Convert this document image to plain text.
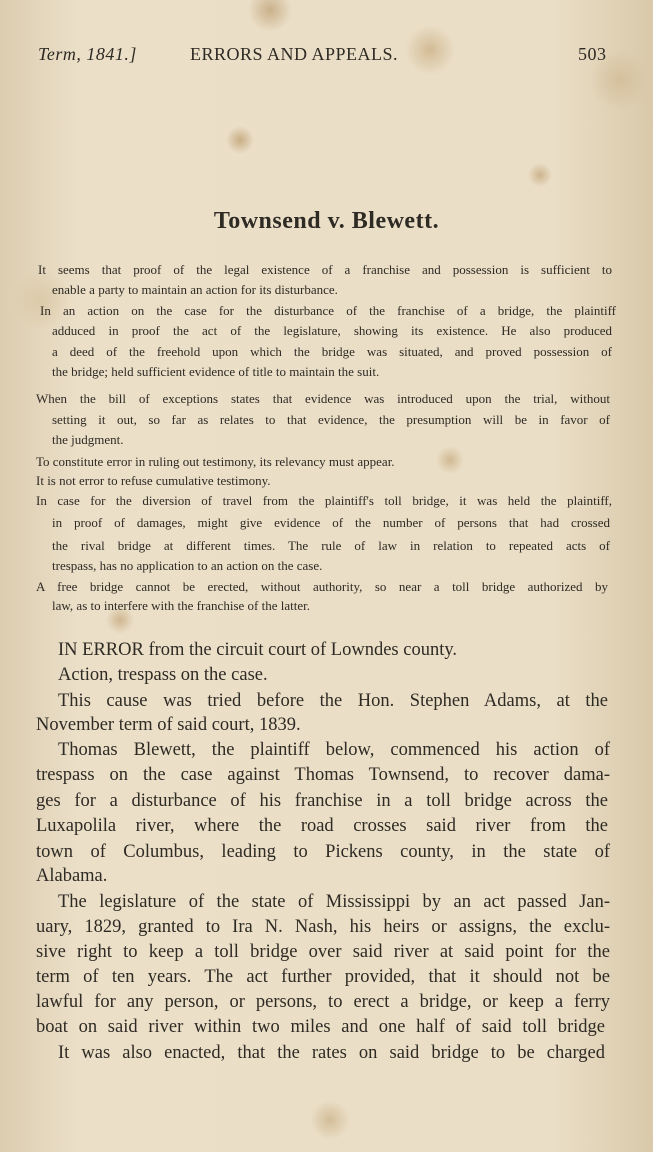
Term, 1841.]	ERRORS AND APPEALS.	503
Townsend v. Blewett.
It seems that proof of the legal existence of a franchise and possession is sufficient to
enable a party to maintain an action for its disturbance.
In an action on the case for the disturbance of the franchise of a bridge, the plaintiff
adduced in proof the act of the legislature, showing its existence. He also produced
a deed of the freehold upon which the bridge was situated, and proved possession of
the bridge; held sufficient evidence of title to maintain the suit.
When the bill of exceptions states that evidence was introduced upon the trial, without
setting it out, so far as relates to that evidence, the presumption will be in favor of
the judgment.
To constitute error in ruling out testimony, its relevancy must appear.
It is not error to refuse cumulative testimony.
In case for the diversion of travel from the plaintiff's toll bridge, it was held the plaintiff,
in proof of damages, might give evidence of the number of persons that had crossed
the rival bridge at different times. The rule of law in relation to repeated acts of
trespass, has no application to an action on the case.
A free bridge cannot be erected, without authority, so near a toll bridge authorized by
law, as to interfere with the franchise of the latter.
IN ERROR from the circuit court of Lowndes county.
Action, trespass on the case.
This cause was tried before the Hon. Stephen Adams, at the
November term of said court, 1839.
Thomas Blewett, the plaintiff below, commenced his action of
trespass on the case against Thomas Townsend, to recover dama-
ges for a disturbance of his franchise in a toll bridge across the
Luxapolila river, where the road crosses said river from the
town of Columbus, leading to Pickens county, in the state of
Alabama.
The legislature of the state of Mississippi by an act passed Jan-
uary, 1829, granted to Ira N. Nash, his heirs or assigns, the exclu-
sive right to keep a toll bridge over said river at said point for the
term of ten years. The act further provided, that it should not be
lawful for any person, or persons, to erect a bridge, or keep a ferry
boat on said river within two miles and one half of said toll bridge
It was also enacted, that the rates on said bridge to be charged
